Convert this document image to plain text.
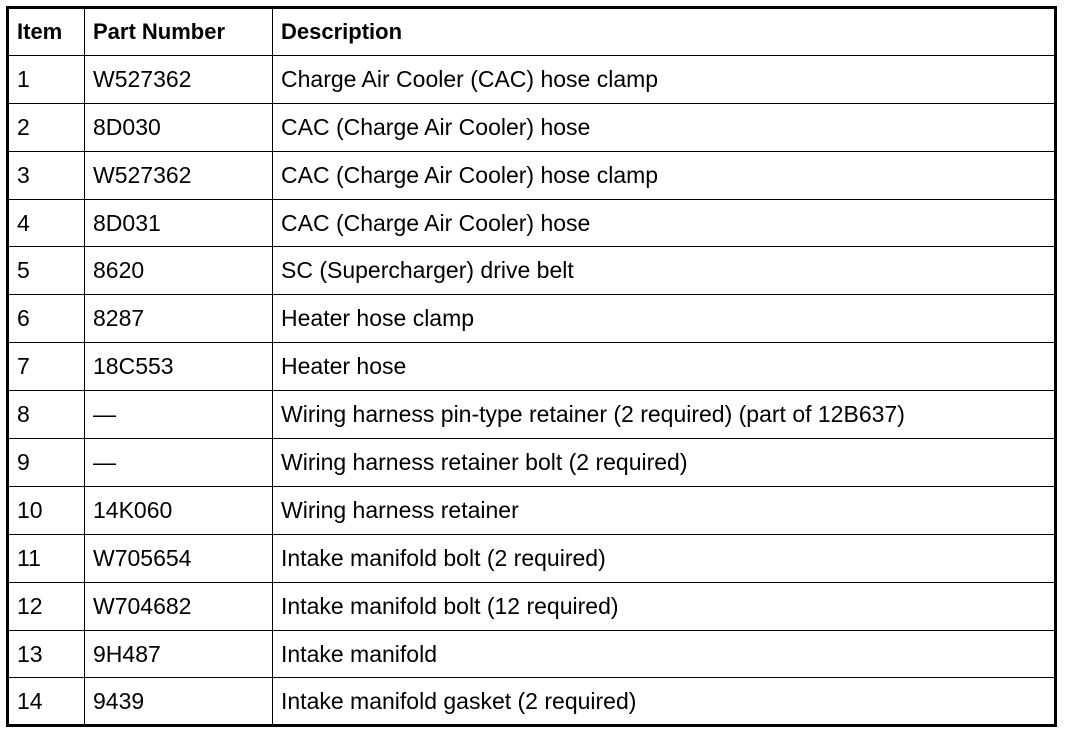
Item	Part Number	Description
1	W527362	Charge Air Cooler (CAC) hose clamp
2	8D030	CAC (Charge Air Cooler) hose
3	W527362	CAC (Charge Air Cooler) hose clamp
4	8D031	CAC (Charge Air Cooler) hose
5	8620	SC (Supercharger) drive belt
6	8287	Heater hose clamp
7	18C553	Heater hose
8	—	Wiring harness pin-type retainer (2 required) (part of 12B637)
9	—	Wiring harness retainer bolt (2 required)
10	14K060	Wiring harness retainer
11	W705654	Intake manifold bolt (2 required)
12	W704682	Intake manifold bolt (12 required)
13	9H487	Intake manifold
14	9439	Intake manifold gasket (2 required)
